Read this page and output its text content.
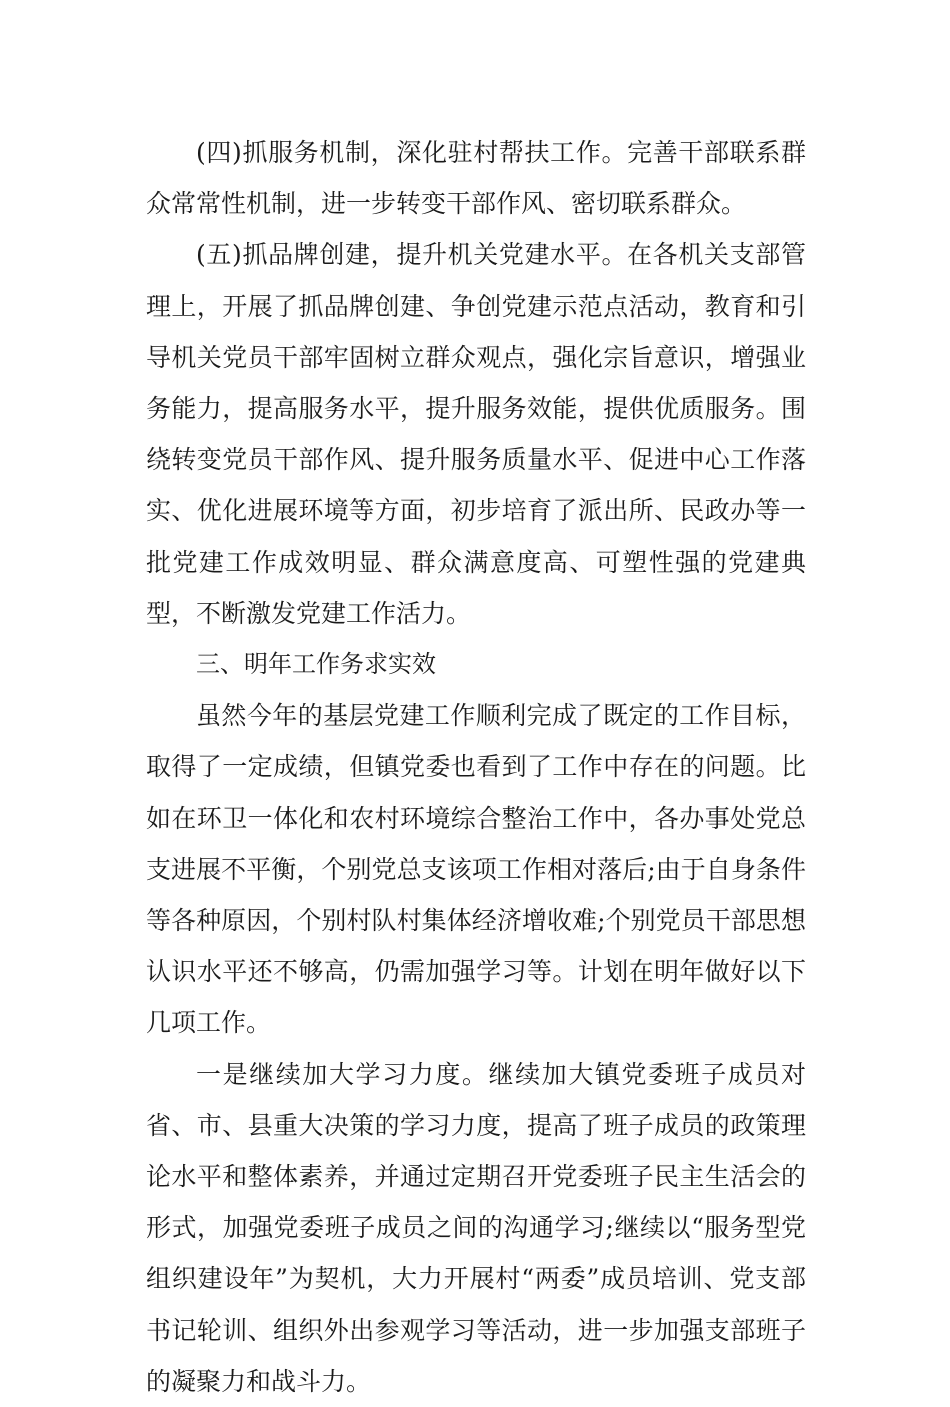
(四)抓服务机制，深化驻村帮扶工作。完善干部联系群众常常性机制，进一步转变干部作风、密切联系群众。

(五)抓品牌创建，提升机关党建水平。在各机关支部管理上，开展了抓品牌创建、争创党建示范点活动，教育和引导机关党员干部牢固树立群众观点，强化宗旨意识，增强业务能力，提高服务水平，提升服务效能，提供优质服务。围绕转变党员干部作风、提升服务质量水平、促进中心工作落实、优化进展环境等方面，初步培育了派出所、民政办等一批党建工作成效明显、群众满意度高、可塑性强的党建典型，不断激发党建工作活力。

三、明年工作务求实效

虽然今年的基层党建工作顺利完成了既定的工作目标，取得了一定成绩，但镇党委也看到了工作中存在的问题。比如在环卫一体化和农村环境综合整治工作中，各办事处党总支进展不平衡，个别党总支该项工作相对落后;由于自身条件等各种原因，个别村队村集体经济增收难;个别党员干部思想认识水平还不够高，仍需加强学习等。计划在明年做好以下几项工作。

一是继续加大学习力度。继续加大镇党委班子成员对省、市、县重大决策的学习力度，提高了班子成员的政策理论水平和整体素养，并通过定期召开党委班子民主生活会的形式，加强党委班子成员之间的沟通学习;继续以“服务型党组织建设年”为契机，大力开展村“两委”成员培训、党支部书记轮训、组织外出参观学习等活动，进一步加强支部班子的凝聚力和战斗力。
